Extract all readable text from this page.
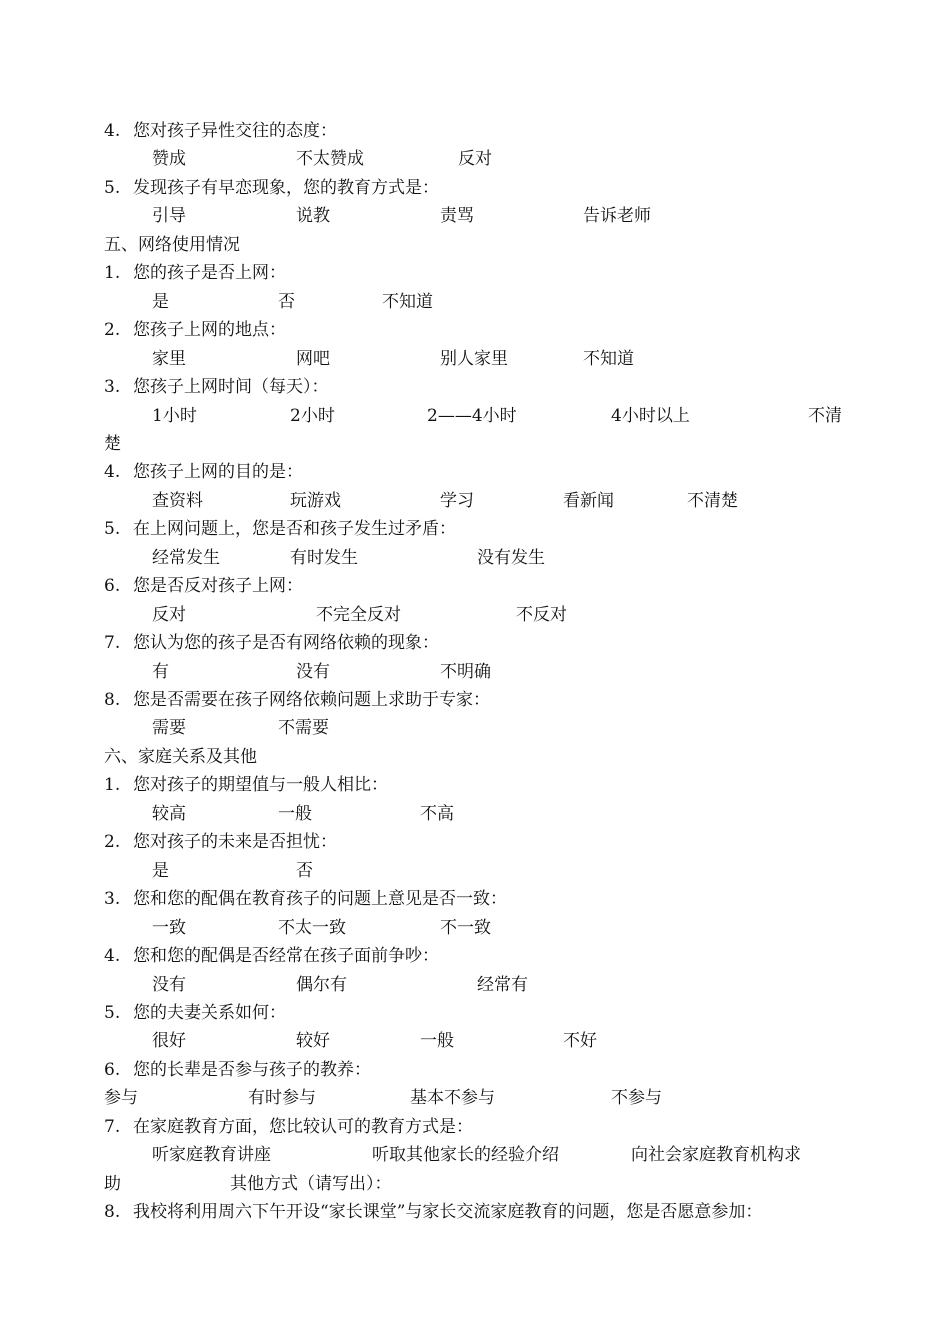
4. 您对孩子异性交往的态度：
赞成	不太赞成	反对
5. 发现孩子有早恋现象，您的教育方式是：
引导	说教	责骂	告诉老师
五、网络使用情况
1. 您的孩子是否上网：
是	否	不知道
2. 您孩子上网的地点：
家里	网吧	别人家里	不知道
3. 您孩子上网时间（每天）：
1小时	2小时	2——4小时	4小时以上	不清
楚
4. 您孩子上网的目的是：
查资料	玩游戏	学习	看新闻	不清楚
5. 在上网问题上，您是否和孩子发生过矛盾：
经常发生	有时发生	没有发生
6. 您是否反对孩子上网：
反对	不完全反对	不反对
7. 您认为您的孩子是否有网络依赖的现象：
有	没有	不明确
8. 您是否需要在孩子网络依赖问题上求助于专家：
需要	不需要
六、家庭关系及其他
1. 您对孩子的期望值与一般人相比：
较高	一般	不高
2. 您对孩子的未来是否担忧：
是	否
3. 您和您的配偶在教育孩子的问题上意见是否一致：
一致	不太一致	不一致
4. 您和您的配偶是否经常在孩子面前争吵：
没有	偶尔有	经常有
5. 您的夫妻关系如何：
很好	较好	一般	不好
6. 您的长辈是否参与孩子的教养：
参与	有时参与	基本不参与	不参与
7. 在家庭教育方面，您比较认可的教育方式是：
听家庭教育讲座	听取其他家长的经验介绍	向社会家庭教育机构求
助	其他方式（请写出）：
8. 我校将利用周六下午开设“家长课堂”与家长交流家庭教育的问题，您是否愿意参加：
